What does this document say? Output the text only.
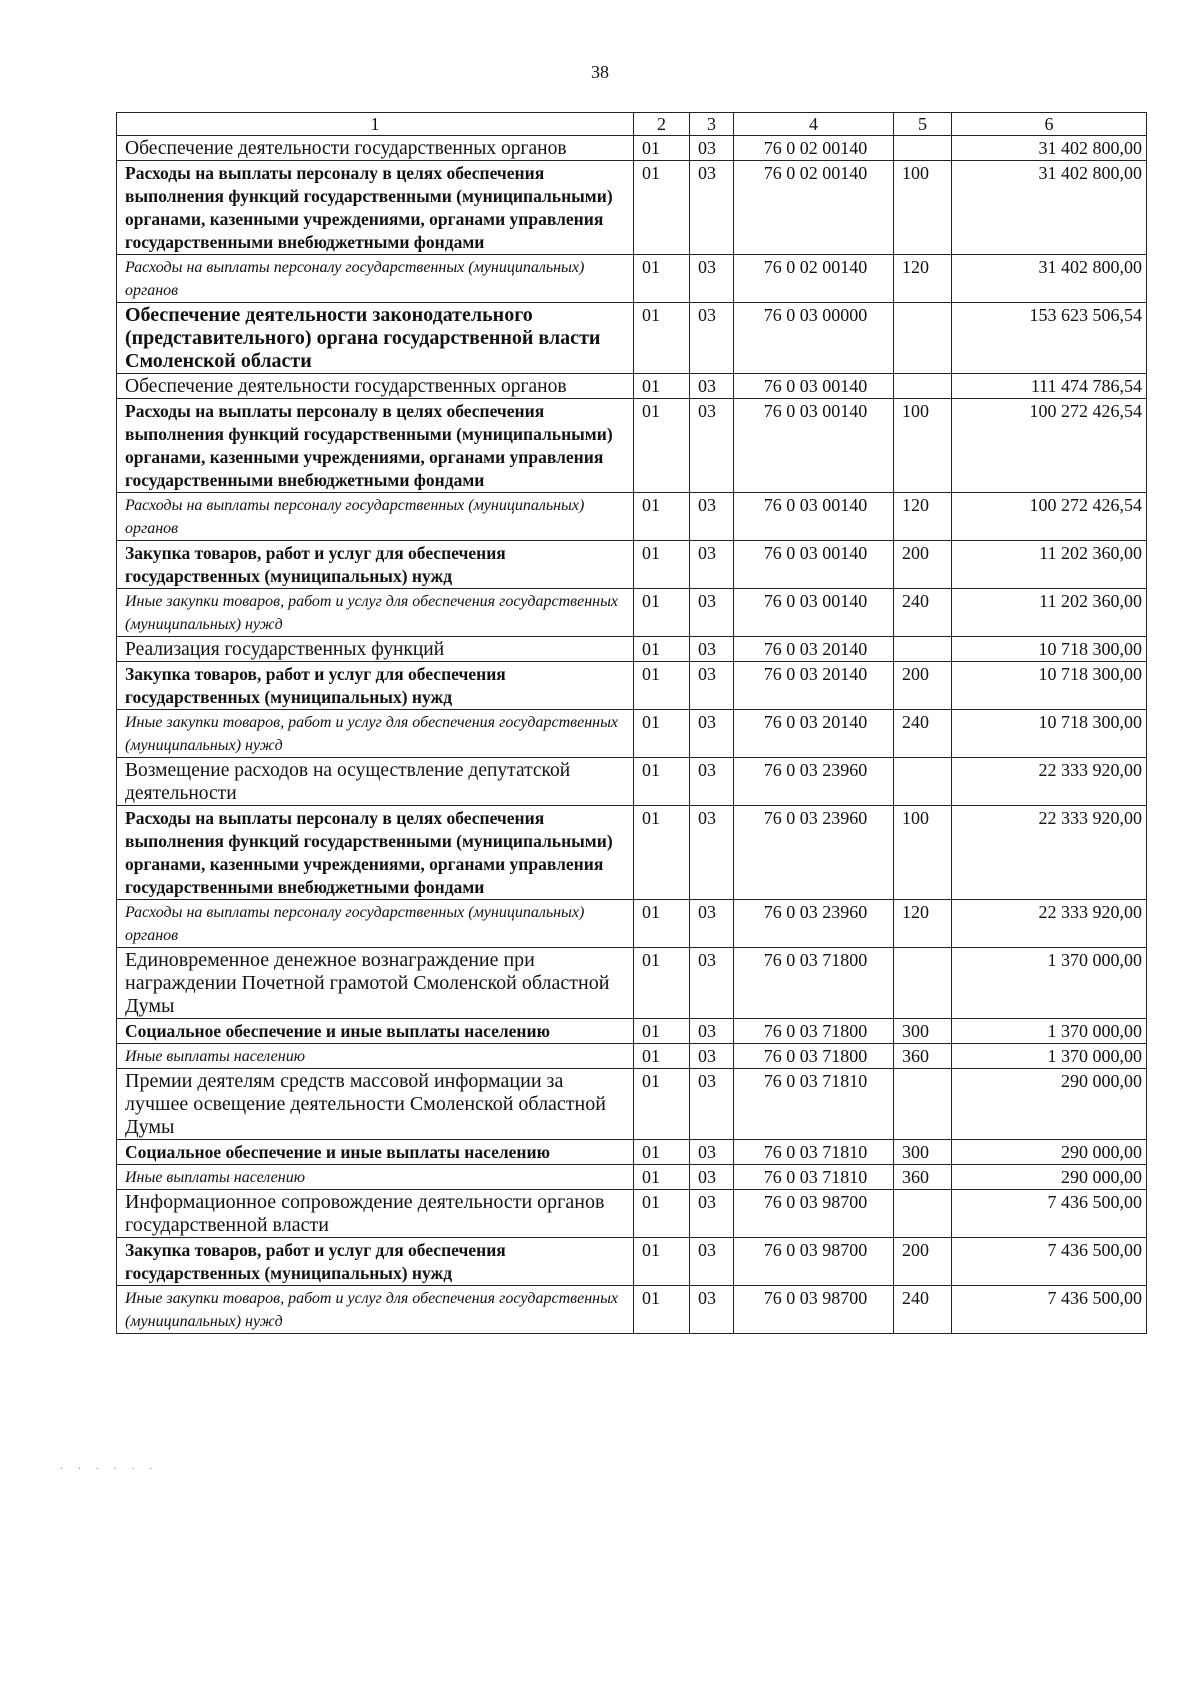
38
1	2	3	4	5	6
Обеспечение деятельности государственных органов	01	03	76 0 02 00140		31 402 800,00
Расходы на выплаты персоналу в целях обеспечения выполнения функций государственными (муниципальными) органами, казенными учреждениями, органами управления государственными внебюджетными фондами	01	03	76 0 02 00140	100	31 402 800,00
Расходы на выплаты персоналу государственных (муниципальных) органов	01	03	76 0 02 00140	120	31 402 800,00
Обеспечение деятельности законодательного (представительного) органа государственной власти Смоленской области	01	03	76 0 03 00000		153 623 506,54
Обеспечение деятельности государственных органов	01	03	76 0 03 00140		111 474 786,54
Расходы на выплаты персоналу в целях обеспечения выполнения функций государственными (муниципальными) органами, казенными учреждениями, органами управления государственными внебюджетными фондами	01	03	76 0 03 00140	100	100 272 426,54
Расходы на выплаты персоналу государственных (муниципальных) органов	01	03	76 0 03 00140	120	100 272 426,54
Закупка товаров, работ и услуг для обеспечения государственных (муниципальных) нужд	01	03	76 0 03 00140	200	11 202 360,00
Иные закупки товаров, работ и услуг для обеспечения государственных (муниципальных) нужд	01	03	76 0 03 00140	240	11 202 360,00
Реализация государственных функций	01	03	76 0 03 20140		10 718 300,00
Закупка товаров, работ и услуг для обеспечения государственных (муниципальных) нужд	01	03	76 0 03 20140	200	10 718 300,00
Иные закупки товаров, работ и услуг для обеспечения государственных (муниципальных) нужд	01	03	76 0 03 20140	240	10 718 300,00
Возмещение расходов на осуществление депутатской деятельности	01	03	76 0 03 23960		22 333 920,00
Расходы на выплаты персоналу в целях обеспечения выполнения функций государственными (муниципальными) органами, казенными учреждениями, органами управления государственными внебюджетными фондами	01	03	76 0 03 23960	100	22 333 920,00
Расходы на выплаты персоналу государственных (муниципальных) органов	01	03	76 0 03 23960	120	22 333 920,00
Единовременное денежное вознаграждение при награждении Почетной грамотой Смоленской областной Думы	01	03	76 0 03 71800		1 370 000,00
Социальное обеспечение и иные выплаты населению	01	03	76 0 03 71800	300	1 370 000,00
Иные выплаты населению	01	03	76 0 03 71800	360	1 370 000,00
Премии деятелям средств массовой информации за лучшее освещение деятельности Смоленской областной Думы	01	03	76 0 03 71810		290 000,00
Социальное обеспечение и иные выплаты населению	01	03	76 0 03 71810	300	290 000,00
Иные выплаты населению	01	03	76 0 03 71810	360	290 000,00
Информационное сопровождение деятельности органов государственной власти	01	03	76 0 03 98700		7 436 500,00
Закупка товаров, работ и услуг для обеспечения государственных (муниципальных) нужд	01	03	76 0 03 98700	200	7 436 500,00
Иные закупки товаров, работ и услуг для обеспечения государственных (муниципальных) нужд	01	03	76 0 03 98700	240	7 436 500,00
· · · · · ·
